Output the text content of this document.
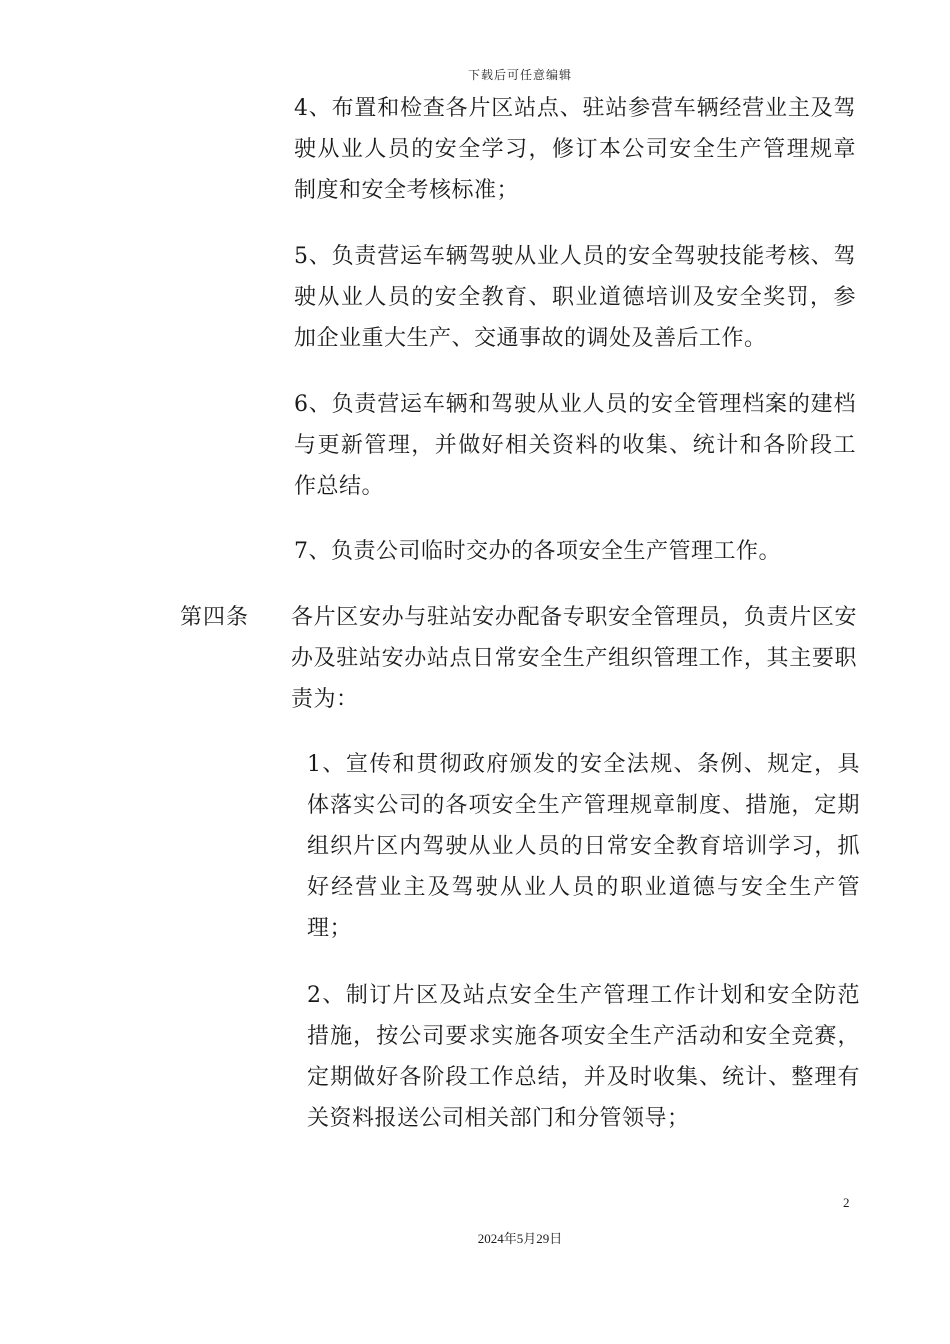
下载后可任意编辑

4、布置和检查各片区站点、驻站参营车辆经营业主及驾驶从业人员的安全学习，修订本公司安全生产管理规章制度和安全考核标准；

5、负责营运车辆驾驶从业人员的安全驾驶技能考核、驾驶从业人员的安全教育、职业道德培训及安全奖罚，参加企业重大生产、交通事故的调处及善后工作。

6、负责营运车辆和驾驶从业人员的安全管理档案的建档与更新管理，并做好相关资料的收集、统计和各阶段工作总结。

7、负责公司临时交办的各项安全生产管理工作。

第四条 各片区安办与驻站安办配备专职安全管理员，负责片区安办及驻站安办站点日常安全生产组织管理工作，其主要职责为：

1、宣传和贯彻政府颁发的安全法规、条例、规定，具体落实公司的各项安全生产管理规章制度、措施，定期组织片区内驾驶从业人员的日常安全教育培训学习，抓好经营业主及驾驶从业人员的职业道德与安全生产管理；

2、制订片区及站点安全生产管理工作计划和安全防范措施，按公司要求实施各项安全生产活动和安全竞赛，定期做好各阶段工作总结，并及时收集、统计、整理有关资料报送公司相关部门和分管领导；

2
2024年5月29日
